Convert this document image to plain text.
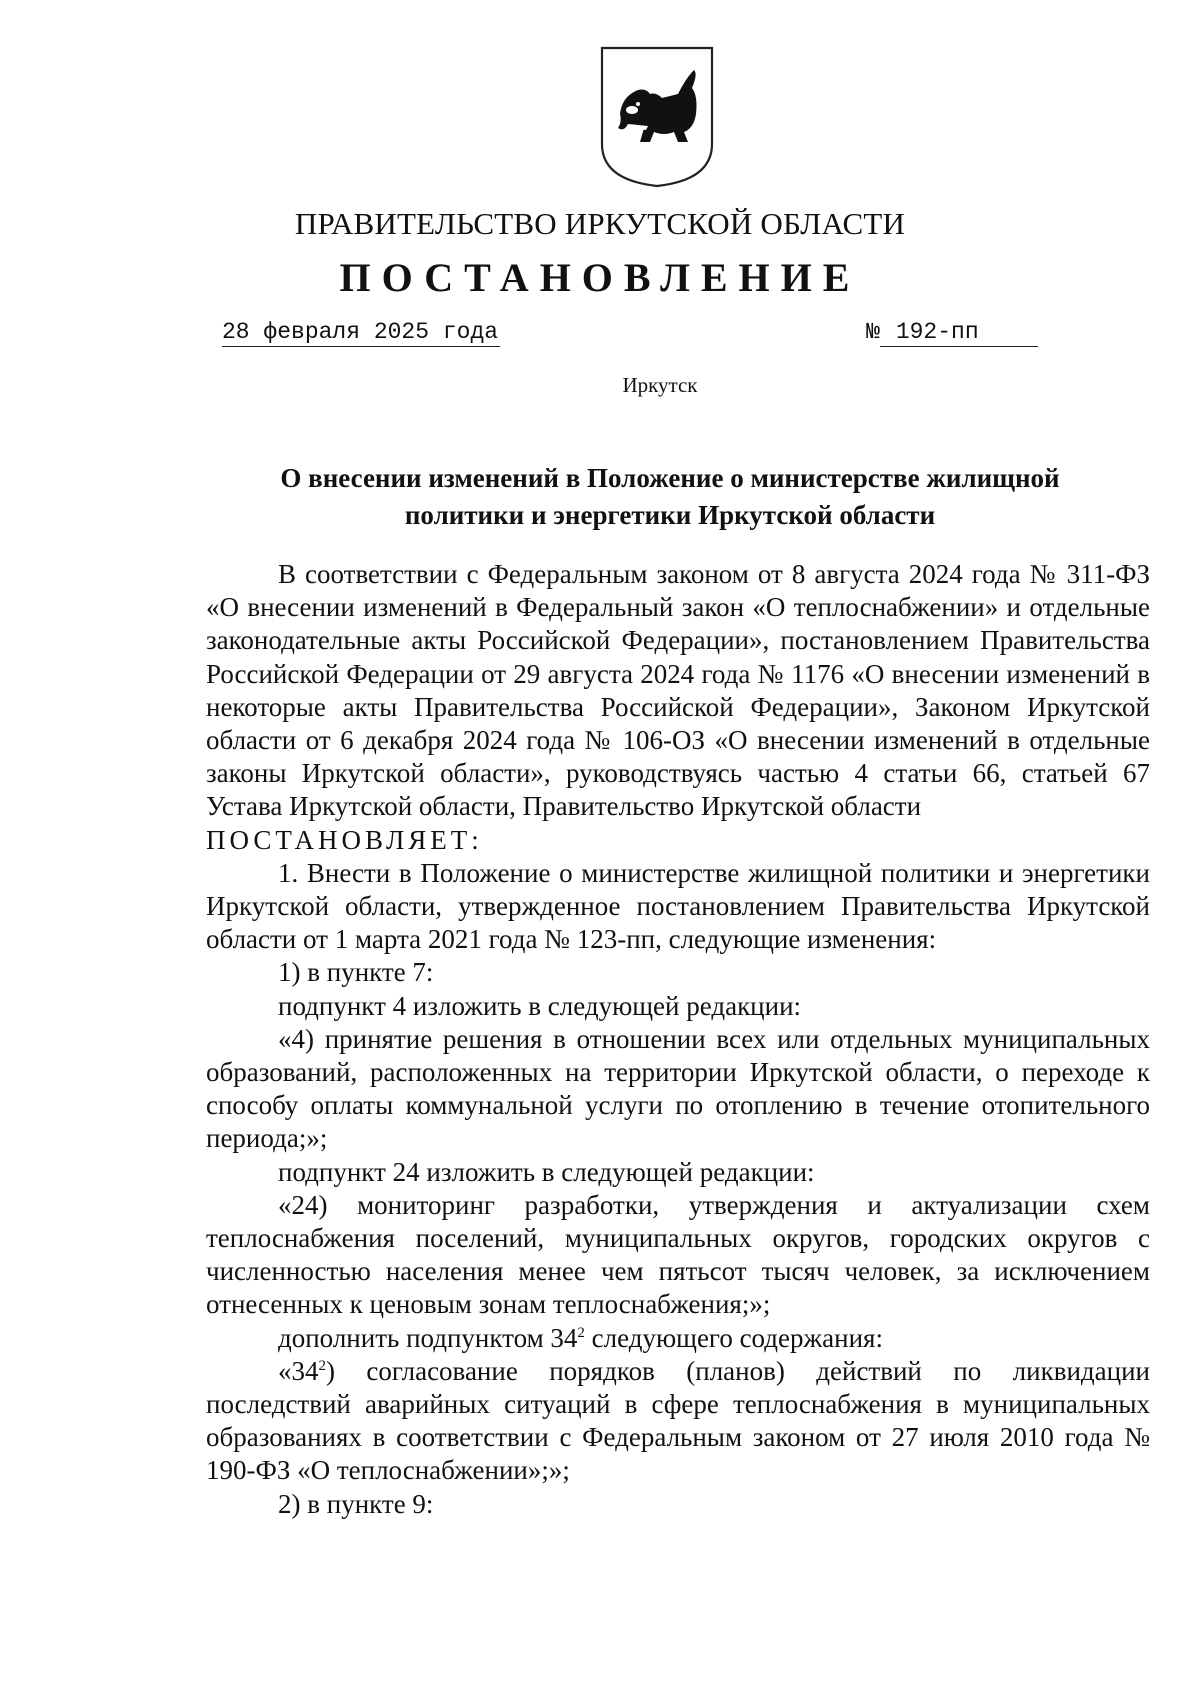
ПРАВИТЕЛЬСТВО ИРКУТСКОЙ ОБЛАСТИ
ПОСТАНОВЛЕНИЕ
28 февраля 2025 года	№ 192-пп
Иркутск
О внесении изменений в Положение о министерстве жилищной
политики и энергетики Иркутской области

В соответствии с Федеральным законом от 8 августа 2024 года № 311-ФЗ «О внесении изменений в Федеральный закон «О теплоснабжении» и отдельные законодательные акты Российской Федерации», постановлением Правительства Российской Федерации от 29 августа 2024 года № 1176 «О внесении изменений в некоторые акты Правительства Российской Федерации», Законом Иркутской области от 6 декабря 2024 года № 106-ОЗ «О внесении изменений в отдельные законы Иркутской области», руководствуясь частью 4 статьи 66, статьей 67 Устава Иркутской области, Правительство Иркутской области

ПОСТАНОВЛЯЕТ:

1. Внести в Положение о министерстве жилищной политики и энергетики Иркутской области, утвержденное постановлением Правительства Иркутской области от 1 марта 2021 года № 123-пп, следующие изменения:

1) в пункте 7:

подпункт 4 изложить в следующей редакции:

«4) принятие решения в отношении всех или отдельных муниципальных образований, расположенных на территории Иркутской области, о переходе к способу оплаты коммунальной услуги по отоплению в течение отопительного периода;»;

подпункт 24 изложить в следующей редакции:

«24) мониторинг разработки, утверждения и актуализации схем теплоснабжения поселений, муниципальных округов, городских округов с численностью населения менее чем пятьсот тысяч человек, за исключением отнесенных к ценовым зонам теплоснабжения;»;

дополнить подпунктом $34^2$ следующего содержания:

«$34^2$) согласование порядков (планов) действий по ликвидации последствий аварийных ситуаций в сфере теплоснабжения в муниципальных образованиях в соответствии с Федеральным законом от 27 июля 2010 года № 190-ФЗ «О теплоснабжении»;»;

2) в пункте 9:
